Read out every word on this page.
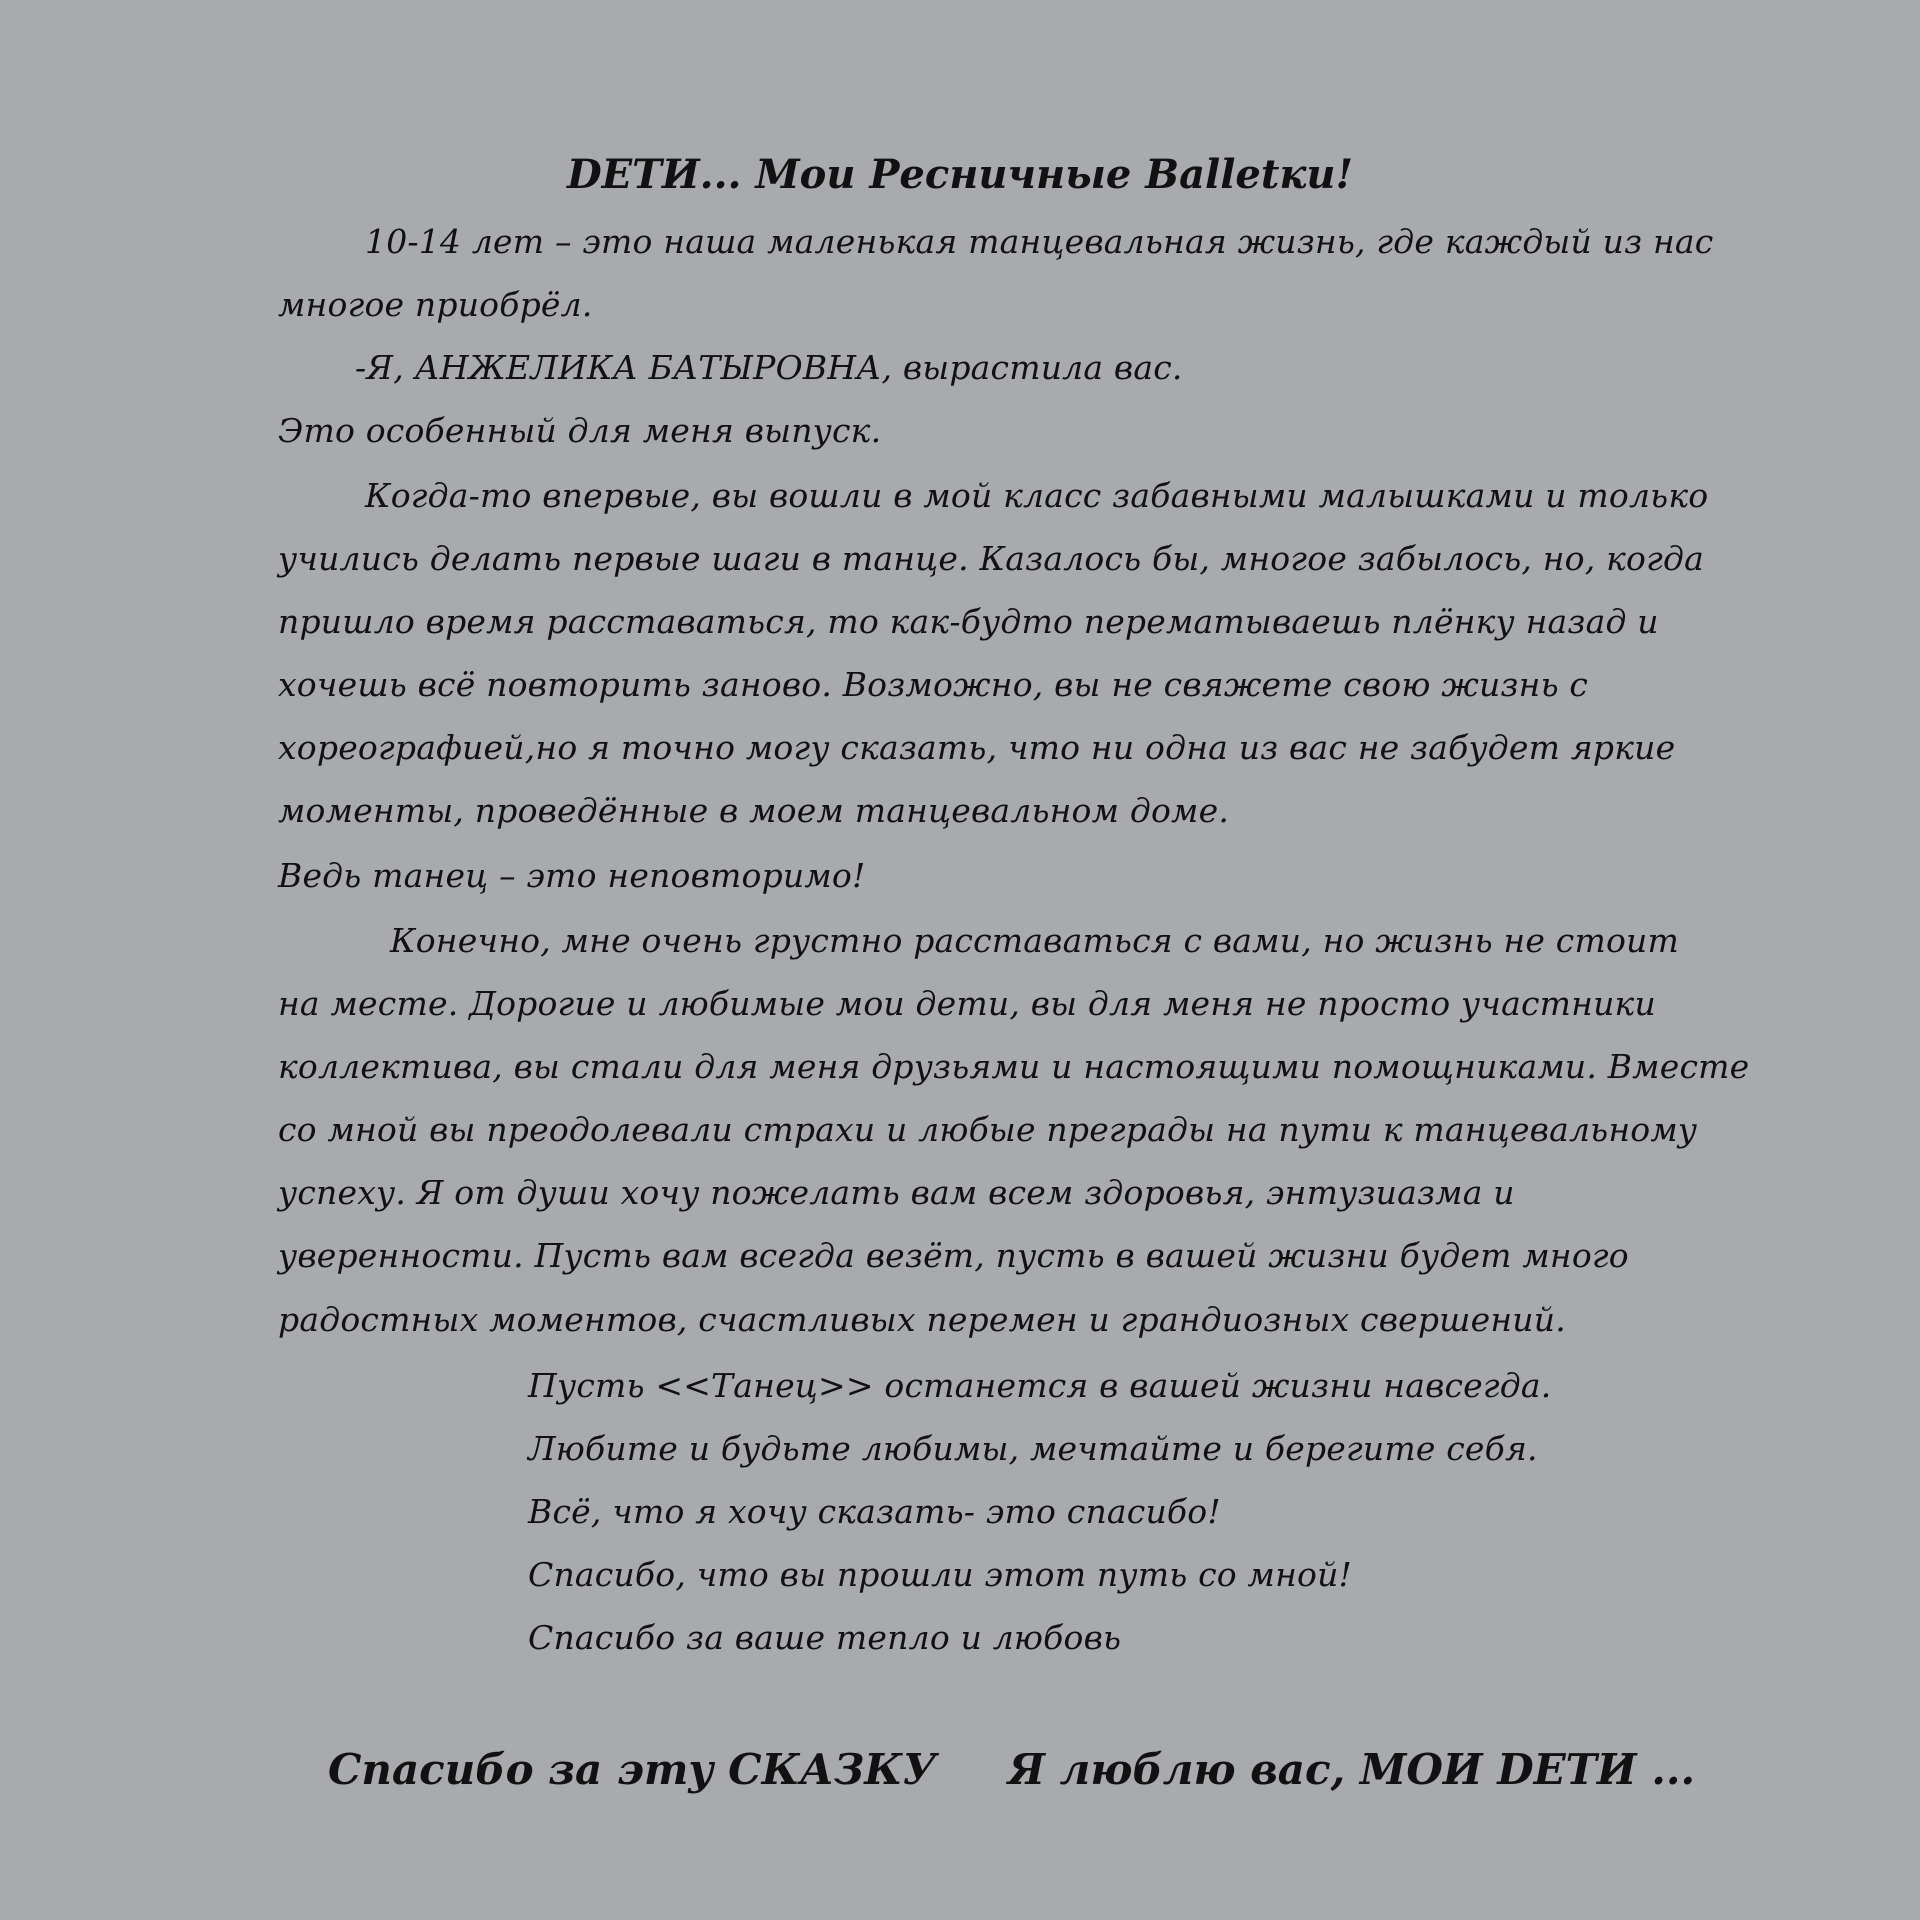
DETИ... Мои Ресничные Balletки!
10-14 лет – это наша маленькая танцевальная жизнь, где каждый из нас
многое приобрёл.
-Я, АНЖЕЛИКА БАТЫРОВНА, вырастила вас.
Это особенный для меня выпуск.
Когда-то впервые, вы вошли в мой класс забавными малышками и только
учились делать первые шаги в танце. Казалось бы, многое забылось, но, когда
пришло время расставаться, то как-будто перематываешь плёнку назад и
хочешь всё повторить заново. Возможно, вы не свяжете свою жизнь с
хореографией,но я точно могу сказать, что ни одна из вас не забудет яркие
моменты, проведённые в моем танцевальном доме.
Ведь танец – это неповторимо!
Конечно, мне очень грустно расставаться с вами, но жизнь не стоит
на месте. Дорогие и любимые мои дети, вы для меня не просто участники
коллектива, вы стали для меня друзьями и настоящими помощниками. Вместе
со мной вы преодолевали страхи и любые преграды на пути к танцевальному
успеху. Я от души хочу пожелать вам всем здоровья, энтузиазма и
уверенности. Пусть вам всегда везёт, пусть в вашей жизни будет много
радостных моментов, счастливых перемен и грандиозных свершений.
Пусть <<Танец>> останется в вашей жизни навсегда.
Любите и будьте любимы, мечтайте и берегите себя.
Всё, что я хочу сказать- это спасибо!
Спасибо, что вы прошли этот путь со мной!
Спасибо за ваше тепло и любовь
Спасибо за эту СКАЗКУ Я люблю вас, МОИ DETИ ...
